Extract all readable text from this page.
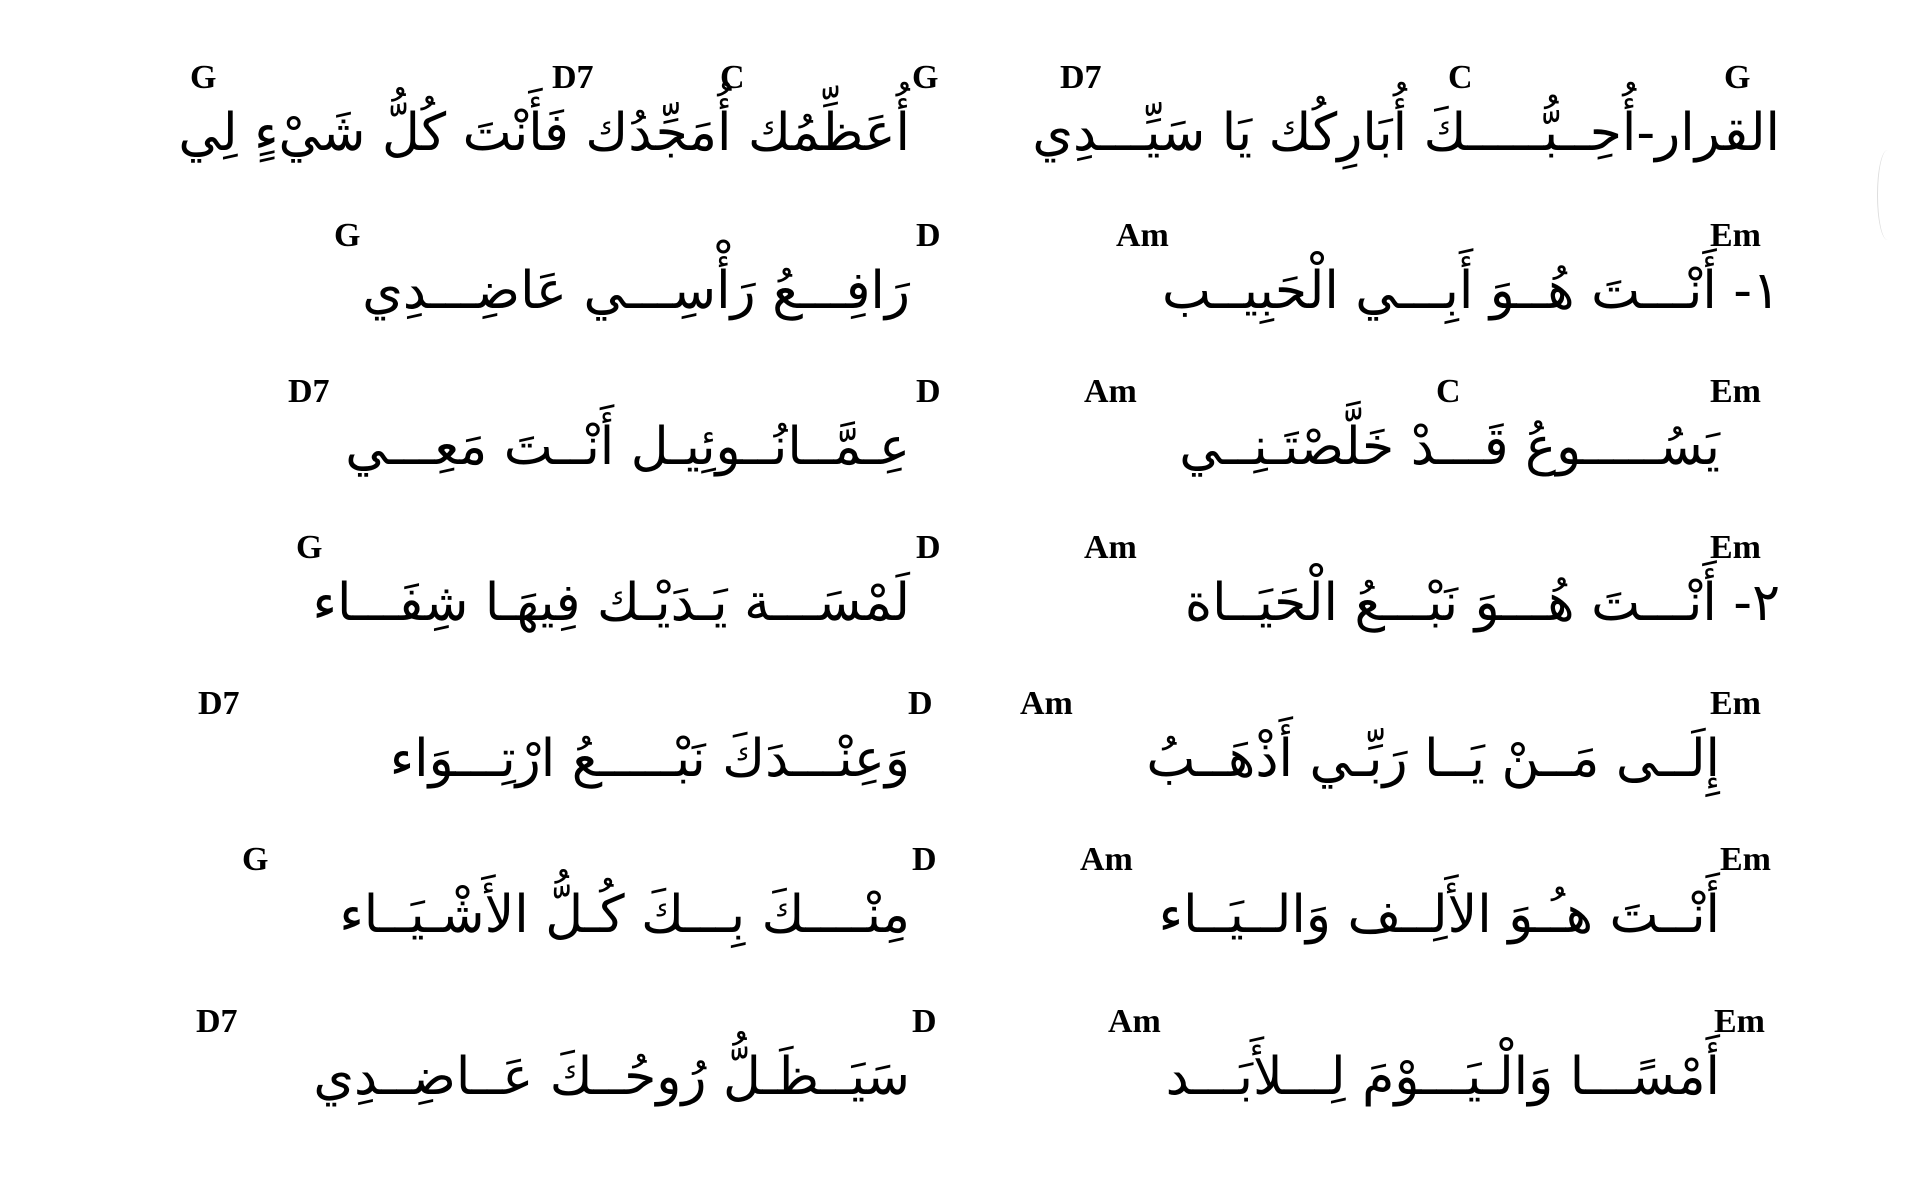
D7	C	G
القرار-أُحِــبُّـــــكَ أُبَارِكُك يَا سَيِّـــدِي
Am	Em
١- أَنْـــتَ هُــوَ أَبِـــي الْحَبِيــب
Am	C	Em
يَسُـــــوعُ قَـــدْ خَلَّصْتَـنِــي
Am	Em
٢- أَنْـــتَ هُـــوَ نَبْـــعُ الْحَيَــاة
Am	Em
إِلَــى مَــنْ يَــا رَبِّـي أَذْهَــبُ
Am	Em
أَنْــتَ هـُـوَ الأَلِــف وَالــيَــاء
Am	Em
أَمْسًـــا وَالْـيَـــوْمَ لِـــلأَبَـــد
G	D7	C	G
أُعَظِّمُك أُمَجِّدُك فَأَنْتَ كُلُّ شَيْءٍ لِي
G	D
رَافِـــعُ رَأْسِـــي عَاضِـــدِي
D7	D
عِـمَّــانُــوئِيـل أَنْــتَ مَعِـــي
G	D
لَمْسَـــة يَـدَيْـك فِيهَـا شِفَـــاء
D7	D
وَعِنْـــدَكَ نَبْـــــعُ ارْتِـــوَاء
G	D
مِنْــــكَ بِـــكَ كُـلُّ الأَشْـيَــاء
D7	D
سَيَــظَـلُّ رُوحُــكَ عَــاضِــدِي
